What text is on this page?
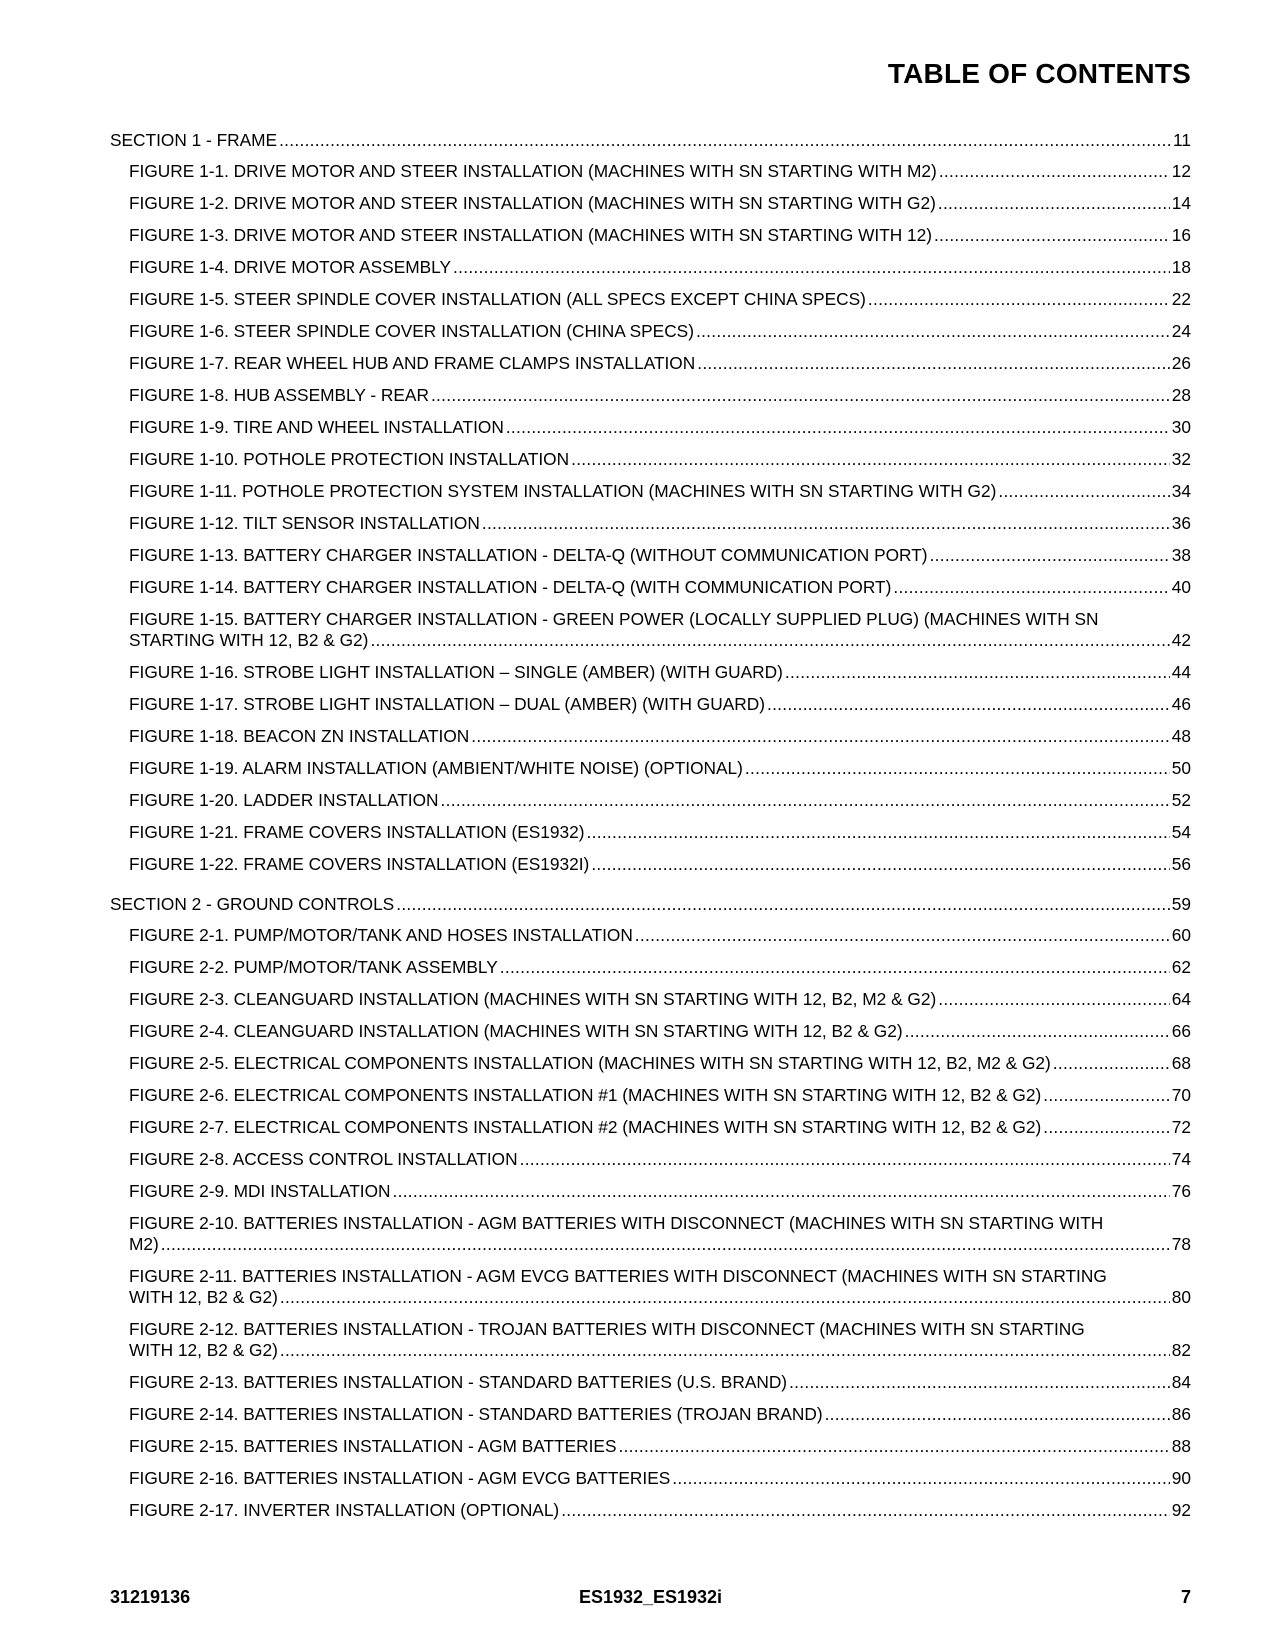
TABLE OF CONTENTS
SECTION 1 - FRAME .....	11
FIGURE 1-1. DRIVE MOTOR AND STEER INSTALLATION (MACHINES WITH SN STARTING WITH M2) .....	12
FIGURE 1-2. DRIVE MOTOR AND STEER INSTALLATION (MACHINES WITH SN STARTING WITH G2) .....	14
FIGURE 1-3. DRIVE MOTOR AND STEER INSTALLATION (MACHINES WITH SN STARTING WITH 12) .....	16
FIGURE 1-4. DRIVE MOTOR ASSEMBLY .....	18
FIGURE 1-5. STEER SPINDLE COVER INSTALLATION (ALL SPECS EXCEPT CHINA SPECS) .....	22
FIGURE 1-6. STEER SPINDLE COVER INSTALLATION (CHINA SPECS) .....	24
FIGURE 1-7. REAR WHEEL HUB AND FRAME CLAMPS INSTALLATION .....	26
FIGURE 1-8. HUB ASSEMBLY - REAR .....	28
FIGURE 1-9. TIRE AND WHEEL INSTALLATION .....	30
FIGURE 1-10. POTHOLE PROTECTION INSTALLATION .....	32
FIGURE 1-11. POTHOLE PROTECTION SYSTEM INSTALLATION (MACHINES WITH SN STARTING WITH G2) .....	34
FIGURE 1-12. TILT SENSOR INSTALLATION .....	36
FIGURE 1-13. BATTERY CHARGER INSTALLATION - DELTA-Q (WITHOUT COMMUNICATION PORT) .....	38
FIGURE 1-14. BATTERY CHARGER INSTALLATION - DELTA-Q (WITH COMMUNICATION PORT) .....	40
FIGURE 1-15. BATTERY CHARGER INSTALLATION - GREEN POWER (LOCALLY SUPPLIED PLUG) (MACHINES WITH SN
STARTING WITH 12, B2 & G2) .....	42
FIGURE 1-16. STROBE LIGHT INSTALLATION – SINGLE (AMBER) (WITH GUARD) .....	44
FIGURE 1-17. STROBE LIGHT INSTALLATION – DUAL (AMBER) (WITH GUARD) .....	46
FIGURE 1-18. BEACON ZN INSTALLATION .....	48
FIGURE 1-19. ALARM INSTALLATION (AMBIENT/WHITE NOISE) (OPTIONAL) .....	50
FIGURE 1-20. LADDER INSTALLATION .....	52
FIGURE 1-21. FRAME COVERS INSTALLATION (ES1932) .....	54
FIGURE 1-22. FRAME COVERS INSTALLATION (ES1932I) .....	56
SECTION 2 - GROUND CONTROLS .....	59
FIGURE 2-1. PUMP/MOTOR/TANK AND HOSES INSTALLATION .....	60
FIGURE 2-2. PUMP/MOTOR/TANK ASSEMBLY .....	62
FIGURE 2-3. CLEANGUARD INSTALLATION (MACHINES WITH SN STARTING WITH 12, B2, M2 & G2) .....	64
FIGURE 2-4. CLEANGUARD INSTALLATION (MACHINES WITH SN STARTING WITH 12, B2 & G2) .....	66
FIGURE 2-5. ELECTRICAL COMPONENTS INSTALLATION (MACHINES WITH SN STARTING WITH 12, B2, M2 & G2) .....	68
FIGURE 2-6. ELECTRICAL COMPONENTS INSTALLATION #1 (MACHINES WITH SN STARTING WITH 12, B2 & G2) .....	70
FIGURE 2-7. ELECTRICAL COMPONENTS INSTALLATION #2 (MACHINES WITH SN STARTING WITH 12, B2 & G2) .....	72
FIGURE 2-8. ACCESS CONTROL INSTALLATION .....	74
FIGURE 2-9. MDI INSTALLATION .....	76
FIGURE 2-10. BATTERIES INSTALLATION - AGM BATTERIES WITH DISCONNECT (MACHINES WITH SN STARTING WITH
M2) .....	78
FIGURE 2-11. BATTERIES INSTALLATION - AGM EVCG BATTERIES WITH DISCONNECT (MACHINES WITH SN STARTING
WITH 12, B2 & G2) .....	80
FIGURE 2-12. BATTERIES INSTALLATION - TROJAN BATTERIES WITH DISCONNECT (MACHINES WITH SN STARTING
WITH 12, B2 & G2) .....	82
FIGURE 2-13. BATTERIES INSTALLATION - STANDARD BATTERIES (U.S. BRAND) .....	84
FIGURE 2-14. BATTERIES INSTALLATION - STANDARD BATTERIES (TROJAN BRAND) .....	86
FIGURE 2-15. BATTERIES INSTALLATION - AGM BATTERIES .....	88
FIGURE 2-16. BATTERIES INSTALLATION - AGM EVCG BATTERIES .....	90
FIGURE 2-17. INVERTER INSTALLATION (OPTIONAL) .....	92
31219136	ES1932_ES1932i	7
